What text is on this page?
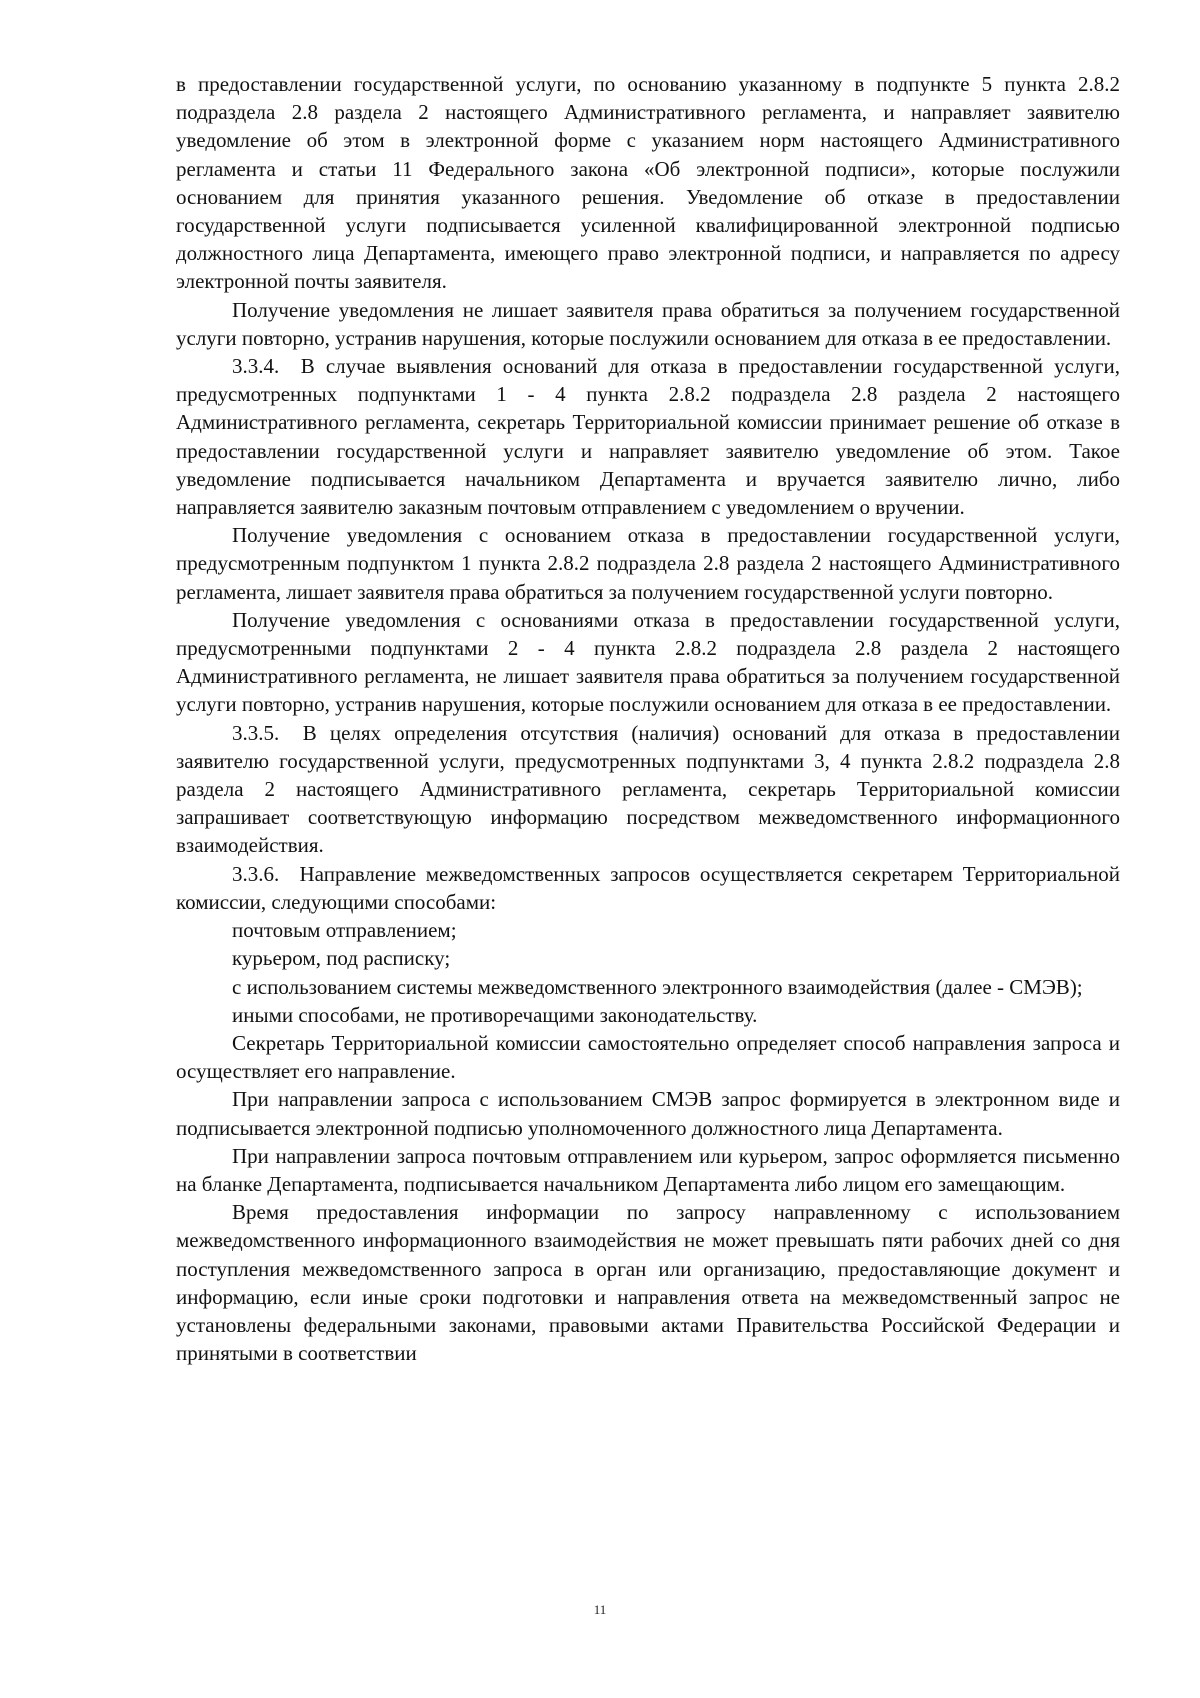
в предоставлении государственной услуги, по основанию указанному в подпункте 5 пункта 2.8.2 подраздела 2.8 раздела 2 настоящего Административного регламента, и направляет заявителю уведомление об этом в электронной форме с указанием норм настоящего Административного регламента и статьи 11 Федерального закона «Об электронной подписи», которые послужили основанием для принятия указанного решения. Уведомление об отказе в предоставлении государственной услуги подписывается усиленной квалифицированной электронной подписью должностного лица Департамента, имеющего право электронной подписи, и направляется по адресу электронной почты заявителя.

Получение уведомления не лишает заявителя права обратиться за получением государственной услуги повторно, устранив нарушения, которые послужили основанием для отказа в ее предоставлении.

3.3.4.  В случае выявления оснований для отказа в предоставлении государственной услуги, предусмотренных подпунктами 1 - 4 пункта 2.8.2 подраздела 2.8 раздела 2 настоящего Административного регламента, секретарь Территориальной комиссии принимает решение об отказе в предоставлении государственной услуги и направляет заявителю уведомление об этом. Такое уведомление подписывается начальником Департамента и вручается заявителю лично, либо направляется заявителю заказным почтовым отправлением с уведомлением о вручении.

Получение уведомления с основанием отказа в предоставлении государственной услуги, предусмотренным подпунктом 1 пункта 2.8.2 подраздела 2.8 раздела 2 настоящего Административного регламента, лишает заявителя права обратиться за получением государственной услуги повторно.

Получение уведомления с основаниями отказа в предоставлении государственной услуги, предусмотренными подпунктами 2 - 4 пункта 2.8.2 подраздела 2.8 раздела 2 настоящего Административного регламента, не лишает заявителя права обратиться за получением государственной услуги повторно, устранив нарушения, которые послужили основанием для отказа в ее предоставлении.

3.3.5.  В целях определения отсутствия (наличия) оснований для отказа в предоставлении заявителю государственной услуги, предусмотренных подпунктами 3, 4 пункта 2.8.2 подраздела 2.8 раздела 2 настоящего Административного регламента, секретарь Территориальной комиссии запрашивает соответствующую информацию посредством межведомственного информационного взаимодействия.

3.3.6.  Направление межведомственных запросов осуществляется секретарем Территориальной комиссии, следующими способами:

почтовым отправлением;

курьером, под расписку;

с использованием системы межведомственного электронного взаимодействия (далее - СМЭВ);

иными способами, не противоречащими законодательству.

Секретарь Территориальной комиссии самостоятельно определяет способ направления запроса и осуществляет его направление.

При направлении запроса с использованием СМЭВ запрос формируется в электронном виде и подписывается электронной подписью уполномоченного должностного лица Департамента.

При направлении запроса почтовым отправлением или курьером, запрос оформляется письменно на бланке Департамента, подписывается начальником Департамента либо лицом его замещающим.

Время предоставления информации по запросу направленному с использованием межведомственного информационного взаимодействия не может превышать пяти рабочих дней со дня поступления межведомственного запроса в орган или организацию, предоставляющие документ и информацию, если иные сроки подготовки и направления ответа на межведомственный запрос не установлены федеральными законами, правовыми актами Правительства Российской Федерации и принятыми в соответствии

11
